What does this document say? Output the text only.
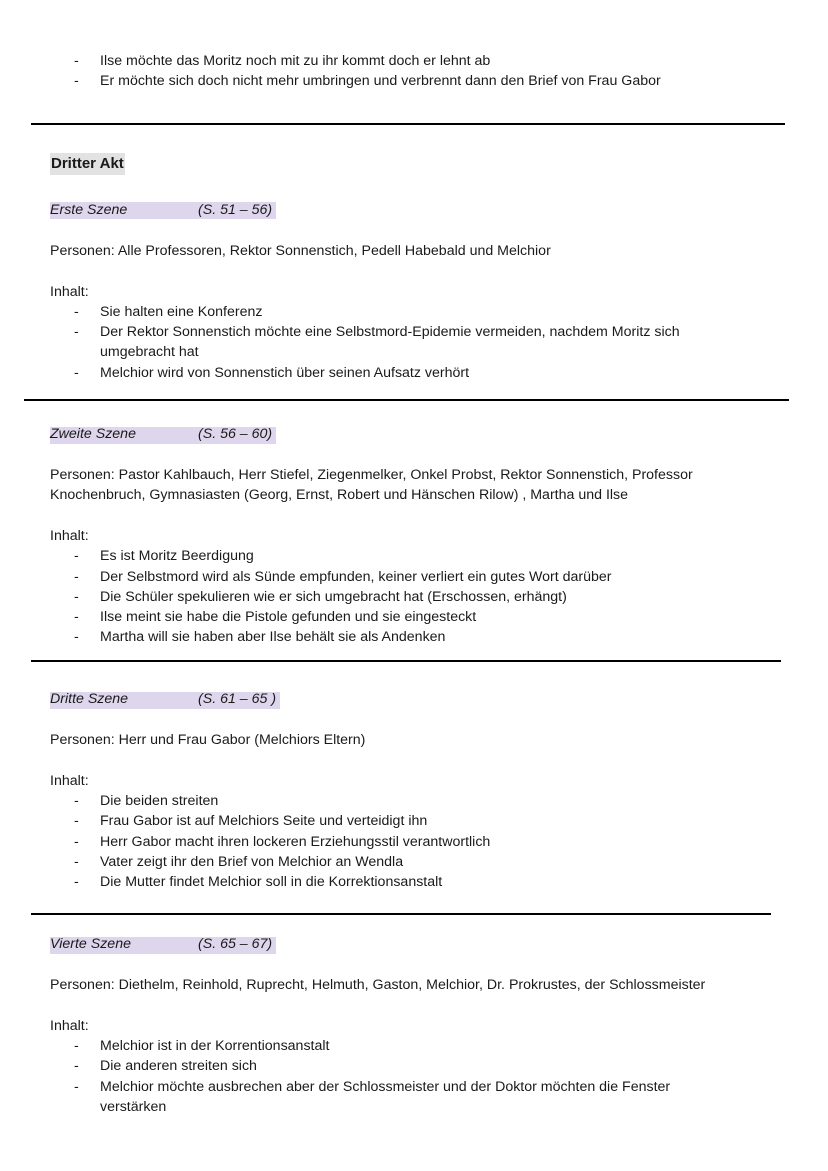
- Ilse möchte das Moritz noch mit zu ihr kommt doch er lehnt ab
- Er möchte sich doch nicht mehr umbringen und verbrennt dann den Brief von Frau Gabor
Dritter Akt
Erste Szene	(S. 51 – 56)
Personen: Alle Professoren, Rektor Sonnenstich, Pedell Habebald und Melchior
Inhalt:
- Sie halten eine Konferenz
- Der Rektor Sonnenstich möchte eine Selbstmord-Epidemie vermeiden, nachdem Moritz sich
umgebracht hat
- Melchior wird von Sonnenstich über seinen Aufsatz verhört
Zweite Szene	(S. 56 – 60)
Personen: Pastor Kahlbauch, Herr Stiefel, Ziegenmelker, Onkel Probst, Rektor Sonnenstich, Professor
Knochenbruch, Gymnasiasten (Georg, Ernst, Robert und Hänschen Rilow) , Martha und Ilse
Inhalt:
- Es ist Moritz Beerdigung
- Der Selbstmord wird als Sünde empfunden, keiner verliert ein gutes Wort darüber
- Die Schüler spekulieren wie er sich umgebracht hat (Erschossen, erhängt)
- Ilse meint sie habe die Pistole gefunden und sie eingesteckt
- Martha will sie haben aber Ilse behält sie als Andenken
Dritte Szene	(S. 61 – 65 )
Personen: Herr und Frau Gabor (Melchiors Eltern)
Inhalt:
- Die beiden streiten
- Frau Gabor ist auf Melchiors Seite und verteidigt ihn
- Herr Gabor macht ihren lockeren Erziehungsstil verantwortlich
- Vater zeigt ihr den Brief von Melchior an Wendla
- Die Mutter findet Melchior soll in die Korrektionsanstalt
Vierte Szene	(S. 65 – 67)
Personen: Diethelm, Reinhold, Ruprecht, Helmuth, Gaston, Melchior, Dr. Prokrustes, der Schlossmeister
Inhalt:
- Melchior ist in der Korrentionsanstalt
- Die anderen streiten sich
- Melchior möchte ausbrechen aber der Schlossmeister und der Doktor möchten die Fenster
verstärken
